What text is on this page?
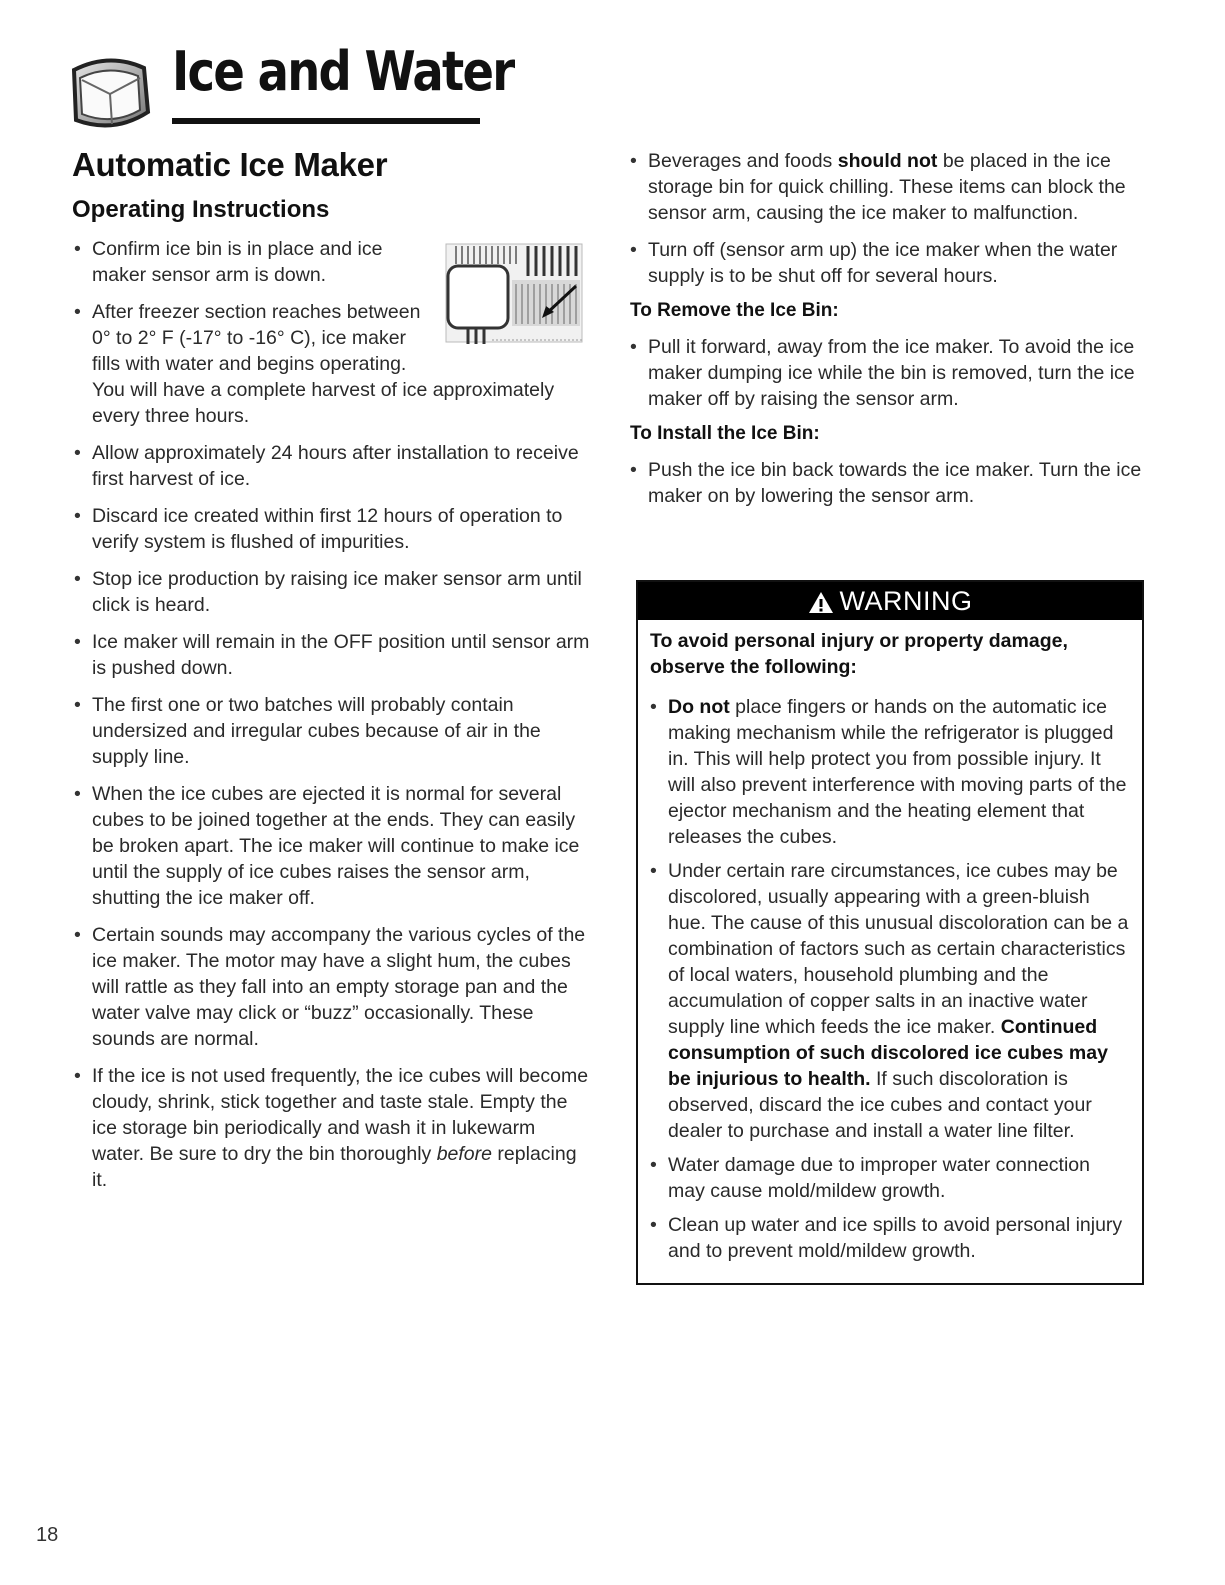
Ice and Water
Automatic Ice Maker
Operating Instructions
• Confirm ice bin is in place and ice maker sensor arm is down.
• After freezer section reaches between 0° to 2° F (-17° to -16° C), ice maker fills with water and begins operating. You will have a complete harvest of ice approximately every three hours.
• Allow approximately 24 hours after installation to receive first harvest of ice.
• Discard ice created within first 12 hours of operation to verify system is flushed of impurities.
• Stop ice production by raising ice maker sensor arm until click is heard.
• Ice maker will remain in the OFF position until sensor arm is pushed down.
• The first one or two batches will probably contain undersized and irregular cubes because of air in the supply line.
• When the ice cubes are ejected it is normal for several cubes to be joined together at the ends. They can easily be broken apart. The ice maker will continue to make ice until the supply of ice cubes raises the sensor arm, shutting the ice maker off.
• Certain sounds may accompany the various cycles of the ice maker. The motor may have a slight hum, the cubes will rattle as they fall into an empty storage pan and the water valve may click or “buzz” occasionally. These sounds are normal.
• If the ice is not used frequently, the ice cubes will become cloudy, shrink, stick together and taste stale. Empty the ice storage bin periodically and wash it in lukewarm water. Be sure to dry the bin thoroughly before replacing it.
• Beverages and foods should not be placed in the ice storage bin for quick chilling. These items can block the sensor arm, causing the ice maker to malfunction.
• Turn off (sensor arm up) the ice maker when the water supply is to be shut off for several hours.
To Remove the Ice Bin:
• Pull it forward, away from the ice maker. To avoid the ice maker dumping ice while the bin is removed, turn the ice maker off by raising the sensor arm.
To Install the Ice Bin:
• Push the ice bin back towards the ice maker. Turn the ice maker on by lowering the sensor arm.
WARNING
To avoid personal injury or property damage, observe the following:
• Do not place fingers or hands on the automatic ice making mechanism while the refrigerator is plugged in. This will help protect you from possible injury. It will also prevent interference with moving parts of the ejector mechanism and the heating element that releases the cubes.
• Under certain rare circumstances, ice cubes may be discolored, usually appearing with a green-bluish hue. The cause of this unusual discoloration can be a combination of factors such as certain characteristics of local waters, household plumbing and the accumulation of copper salts in an inactive water supply line which feeds the ice maker. Continued consumption of such discolored ice cubes may be injurious to health. If such discoloration is observed, discard the ice cubes and contact your dealer to purchase and install a water line filter.
• Water damage due to improper water connection may cause mold/mildew growth.
• Clean up water and ice spills to avoid personal injury and to prevent mold/mildew growth.
18
